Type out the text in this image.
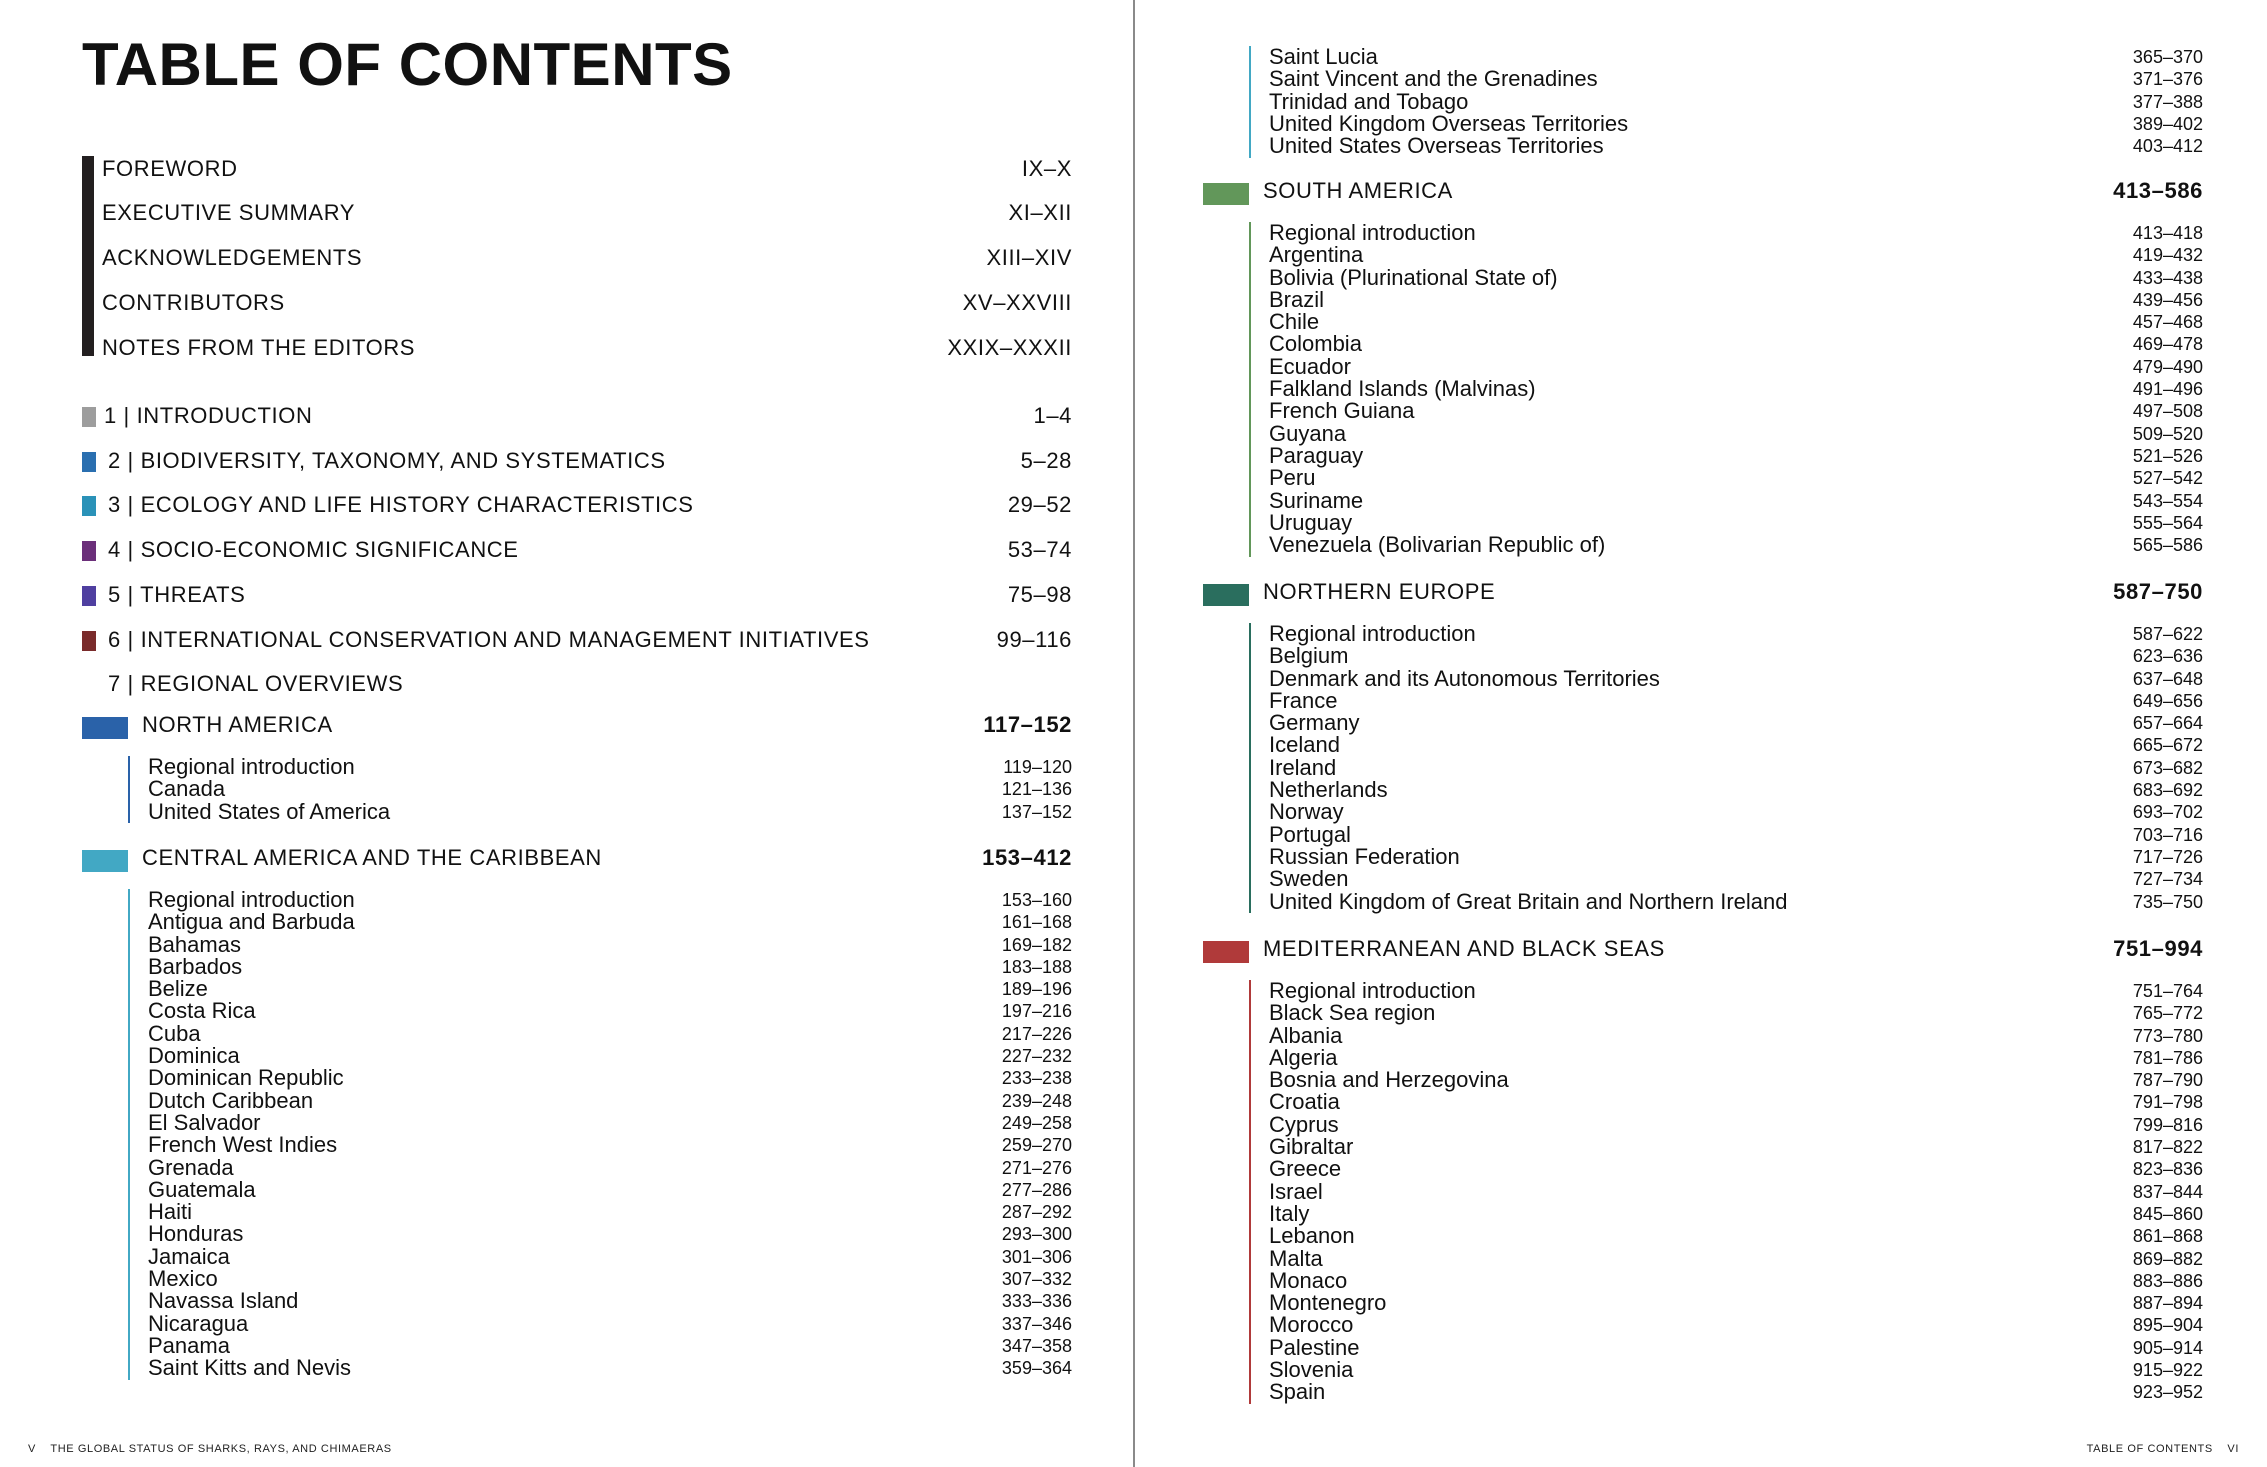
TABLE OF CONTENTS
FOREWORD	IX–X
EXECUTIVE SUMMARY	XI–XII
ACKNOWLEDGEMENTS	XIII–XIV
CONTRIBUTORS	XV–XXVIII
NOTES FROM THE EDITORS	XXIX–XXXII
1 | INTRODUCTION	1–4
2 | BIODIVERSITY, TAXONOMY, AND SYSTEMATICS	5–28
3 | ECOLOGY AND LIFE HISTORY CHARACTERISTICS	29–52
4 | SOCIO-ECONOMIC SIGNIFICANCE	53–74
5 | THREATS	75–98
6 | INTERNATIONAL CONSERVATION AND MANAGEMENT INITIATIVES	99–116
7 | REGIONAL OVERVIEWS
NORTH AMERICA	117–152
Regional introduction	119–120
Canada	121–136
United States of America	137–152
CENTRAL AMERICA AND THE CARIBBEAN	153–412
Regional introduction	153–160
Antigua and Barbuda	161–168
Bahamas	169–182
Barbados	183–188
Belize	189–196
Costa Rica	197–216
Cuba	217–226
Dominica	227–232
Dominican Republic	233–238
Dutch Caribbean	239–248
El Salvador	249–258
French West Indies	259–270
Grenada	271–276
Guatemala	277–286
Haiti	287–292
Honduras	293–300
Jamaica	301–306
Mexico	307–332
Navassa Island	333–336
Nicaragua	337–346
Panama	347–358
Saint Kitts and Nevis	359–364
V THE GLOBAL STATUS OF SHARKS, RAYS, AND CHIMAERAS
Saint Lucia	365–370
Saint Vincent and the Grenadines	371–376
Trinidad and Tobago	377–388
United Kingdom Overseas Territories	389–402
United States Overseas Territories	403–412
SOUTH AMERICA	413–586
Regional introduction	413–418
Argentina	419–432
Bolivia (Plurinational State of)	433–438
Brazil	439–456
Chile	457–468
Colombia	469–478
Ecuador	479–490
Falkland Islands (Malvinas)	491–496
French Guiana	497–508
Guyana	509–520
Paraguay	521–526
Peru	527–542
Suriname	543–554
Uruguay	555–564
Venezuela (Bolivarian Republic of)	565–586
NORTHERN EUROPE	587–750
Regional introduction	587–622
Belgium	623–636
Denmark and its Autonomous Territories	637–648
France	649–656
Germany	657–664
Iceland	665–672
Ireland	673–682
Netherlands	683–692
Norway	693–702
Portugal	703–716
Russian Federation	717–726
Sweden	727–734
United Kingdom of Great Britain and Northern Ireland	735–750
MEDITERRANEAN AND BLACK SEAS	751–994
Regional introduction	751–764
Black Sea region	765–772
Albania	773–780
Algeria	781–786
Bosnia and Herzegovina	787–790
Croatia	791–798
Cyprus	799–816
Gibraltar	817–822
Greece	823–836
Israel	837–844
Italy	845–860
Lebanon	861–868
Malta	869–882
Monaco	883–886
Montenegro	887–894
Morocco	895–904
Palestine	905–914
Slovenia	915–922
Spain	923–952
TABLE OF CONTENTS VI
